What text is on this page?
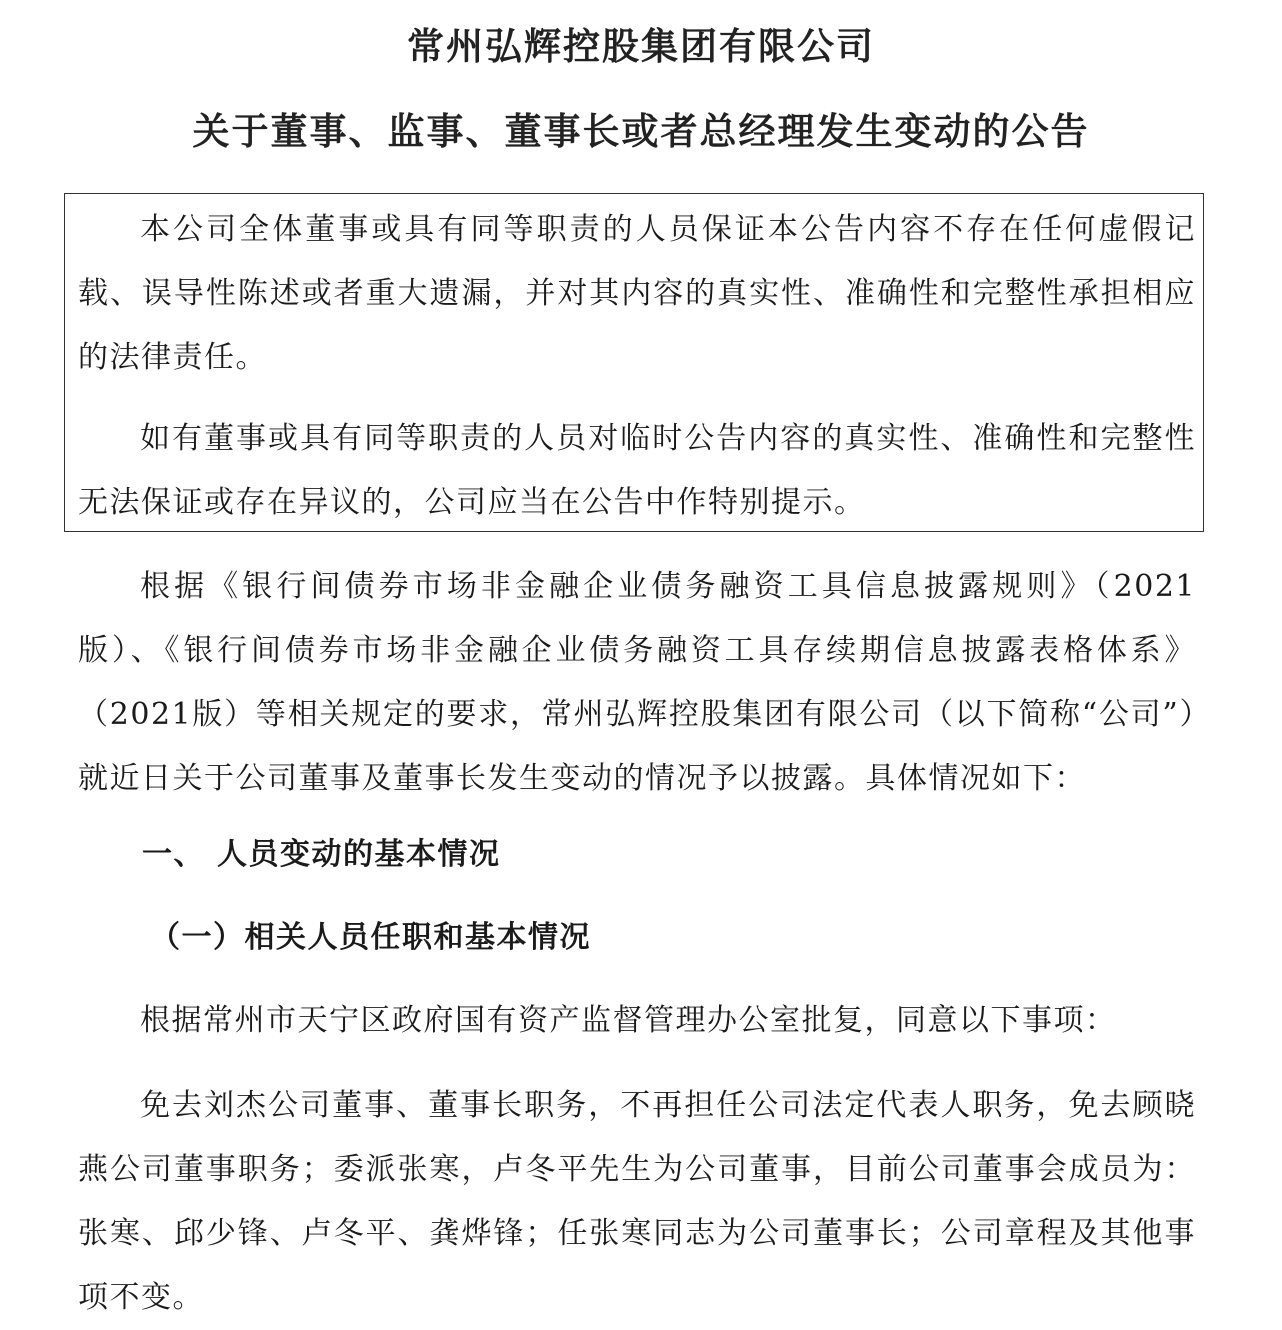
常州弘辉控股集团有限公司
关于董事、监事、董事长或者总经理发生变动的公告

本公司全体董事或具有同等职责的人员保证本公告内容不存在任何虚假记载、误导性陈述或者重大遗漏，并对其内容的真实性、准确性和完整性承担相应的法律责任。

如有董事或具有同等职责的人员对临时公告内容的真实性、准确性和完整性无法保证或存在异议的，公司应当在公告中作特别提示。

根据《银行间债券市场非金融企业债务融资工具信息披露规则》（2021版）、《银行间债券市场非金融企业债务融资工具存续期信息披露表格体系》（2021版）等相关规定的要求，常州弘辉控股集团有限公司（以下简称“公司”）就近日关于公司董事及董事长发生变动的情况予以披露。具体情况如下：

一、 人员变动的基本情况
（一）相关人员任职和基本情况

根据常州市天宁区政府国有资产监督管理办公室批复，同意以下事项：

免去刘杰公司董事、董事长职务，不再担任公司法定代表人职务，免去顾晓燕公司董事职务；委派张寒，卢冬平先生为公司董事，目前公司董事会成员为：张寒、邱少锋、卢冬平、龚烨锋；任张寒同志为公司董事长；公司章程及其他事项不变。
